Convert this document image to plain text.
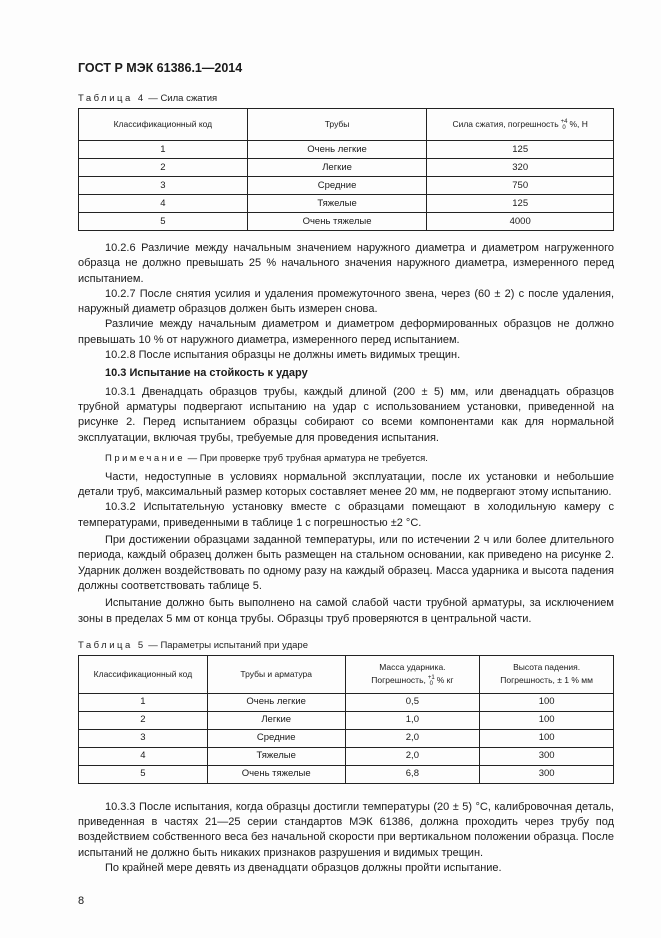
ГОСТ Р МЭК 61386.1—2014
Таблица 4 — Сила сжатия
Классификационный код	Трубы	Сила сжатия, погрешность +4
0 %, Н
1	Очень легкие	125
2	Легкие	320
3	Средние	750
4	Тяжелые	125
5	Очень тяжелые	4000

10.2.6 Различие между начальным значением наружного диаметра и диаметром нагруженного образца не должно превышать 25 % начального значения наружного диаметра, измеренного перед испытанием.

10.2.7 После снятия усилия и удаления промежуточного звена, через (60 ± 2) с после удаления, наружный диаметр образцов должен быть измерен снова.

Различие между начальным диаметром и диаметром деформированных образцов не должно превышать 10 % от наружного диаметра, измеренного перед испытанием.

10.2.8 После испытания образцы не должны иметь видимых трещин.

10.3 Испытание на стойкость к удару

10.3.1 Двенадцать образцов трубы, каждый длиной (200 ± 5) мм, или двенадцать образцов трубной арматуры подвергают испытанию на удар с использованием установки, приведенной на рисунке 2. Перед испытанием образцы собирают со всеми компонентами как для нормальной эксплуатации, включая трубы, требуемые для проведения испытания.

Примечание — При проверке труб трубная арматура не требуется.

Части, недоступные в условиях нормальной эксплуатации, после их установки и небольшие детали труб, максимальный размер которых составляет менее 20 мм, не подвергают этому испытанию.

10.3.2 Испытательную установку вместе с образцами помещают в холодильную камеру с температурами, приведенными в таблице 1 с погрешностью ±2 °С.

При достижении образцами заданной температуры, или по истечении 2 ч или более длительного периода, каждый образец должен быть размещен на стальном основании, как приведено на рисунке 2. Ударник должен воздействовать по одному разу на каждый образец. Масса ударника и высота падения должны соответствовать таблице 5.

Испытание должно быть выполнено на самой слабой части трубной арматуры, за исключением зоны в пределах 5 мм от конца трубы. Образцы труб проверяются в центральной части.

Таблица 5 — Параметры испытаний при ударе
Классификационный код	Трубы и арматура	Масса ударника.
Погрешность, +1
0 % кг	Высота падения.
Погрешность, ± 1 % мм
1	Очень легкие	0,5	100
2	Легкие	1,0	100
3	Средние	2,0	100
4	Тяжелые	2,0	300
5	Очень тяжелые	6,8	300

10.3.3 После испытания, когда образцы достигли температуры (20 ± 5) °С, калибровочная деталь, приведенная в частях 21—25 серии стандартов МЭК 61386, должна проходить через трубу под воздействием собственного веса без начальной скорости при вертикальном положении образца. После испытаний не должно быть никаких признаков разрушения и видимых трещин.

По крайней мере девять из двенадцати образцов должны пройти испытание.

8
